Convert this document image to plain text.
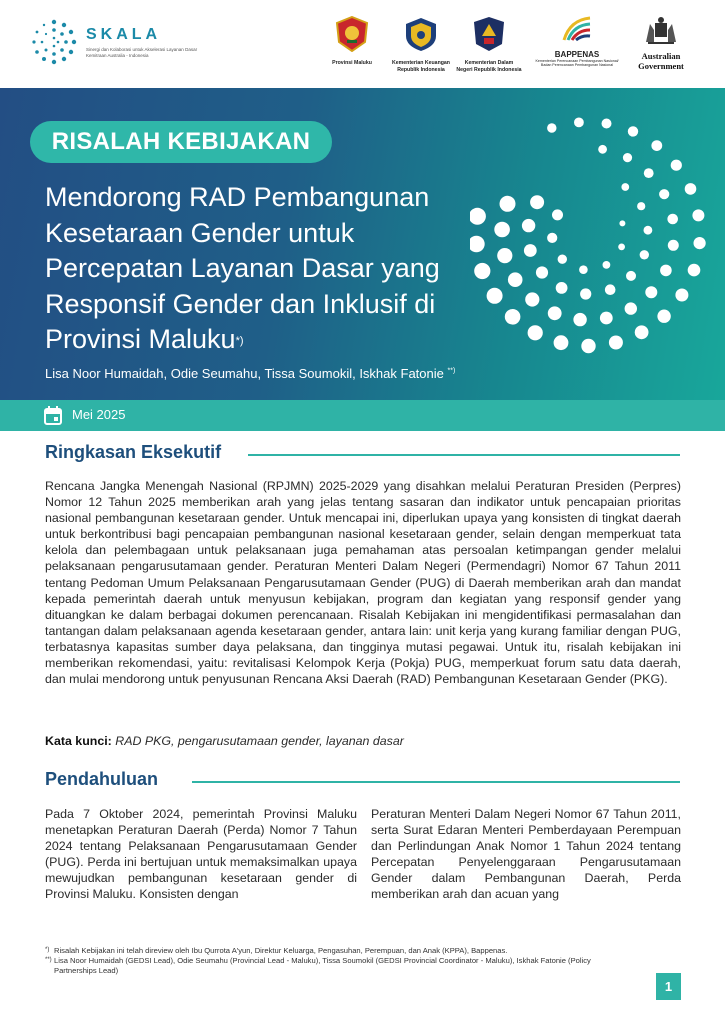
SKALA
Sinergi dan Kolaborasi untuk Akselerasi Layanan Dasar Kemitraan Australia - Indonesia
Provinsi Maluku	Kementerian Keuangan Republik Indonesia
Kementerian Dalam Negeri Republik Indonesia
BAPPENAS
Kementerian Perencanaan Pembangunan Nasional/ Badan Perencanaan Pembangunan Nasional
Australian Government
RISALAH KEBIJAKAN
Mendorong RAD Pembangunan Kesetaraan Gender untuk Percepatan Layanan Dasar yang Responsif Gender dan Inklusif di Provinsi Maluku*)
Lisa Noor Humaidah, Odie Seumahu, Tissa Soumokil, Iskhak Fatonie **)
Mei 2025
Ringkasan Eksekutif
Rencana Jangka Menengah Nasional (RPJMN) 2025-2029 yang disahkan melalui Peraturan Presiden (Perpres) Nomor 12 Tahun 2025 memberikan arah yang jelas tentang sasaran dan indikator untuk pencapaian prioritas nasional pembangunan kesetaraan gender. Untuk mencapai ini, diperlukan upaya yang konsisten di tingkat daerah untuk berkontribusi bagi pencapaian pembangunan nasional kesetaraan gender, selain dengan memperkuat tata kelola dan pelembagaan untuk pelaksanaan juga pemahaman atas persoalan ketimpangan gender melalui pelaksanaan pengarusutamaan gender. Peraturan Menteri Dalam Negeri (Permendagri) Nomor 67 Tahun 2011 tentang Pedoman Umum Pelaksanaan Pengarusutamaan Gender (PUG) di Daerah memberikan arah dan mandat kepada pemerintah daerah untuk menyusun kebijakan, program dan kegiatan yang responsif gender yang dituangkan ke dalam berbagai dokumen perencanaan. Risalah Kebijakan ini mengidentifikasi permasalahan dan tantangan dalam pelaksanaan agenda kesetaraan gender, antara lain: unit kerja yang kurang familiar dengan PUG, terbatasnya kapasitas sumber daya pelaksana, dan tingginya mutasi pegawai. Untuk itu, risalah kebijakan ini memberikan rekomendasi, yaitu: revitalisasi Kelompok Kerja (Pokja) PUG, memperkuat forum satu data daerah, dan mulai mendorong untuk penyusunan Rencana Aksi Daerah (RAD) Pembangunan Kesetaraan Gender (PKG).
Kata kunci: RAD PKG, pengarusutamaan gender, layanan dasar
Pendahuluan
Pada 7 Oktober 2024, pemerintah Provinsi Maluku menetapkan Peraturan Daerah (Perda) Nomor 7 Tahun 2024 tentang Pelaksanaan Pengarusutamaan Gender (PUG). Perda ini bertujuan untuk memaksimalkan upaya mewujudkan pembangunan kesetaraan gender di Provinsi Maluku. Konsisten dengan
Peraturan Menteri Dalam Negeri Nomor 67 Tahun 2011, serta Surat Edaran Menteri Pemberdayaan Perempuan dan Perlindungan Anak Nomor 1 Tahun 2024 tentang Percepatan Penyelenggaraan Pengarusutamaan Gender dalam Pembangunan Daerah, Perda memberikan arah dan acuan yang
*) Risalah Kebijakan ini telah direview oleh Ibu Qurrota A'yun, Direktur Keluarga, Pengasuhan, Perempuan, dan Anak (KPPA), Bappenas.
**) Lisa Noor Humaidah (GEDSI Lead), Odie Seumahu (Provincial Lead - Maluku), Tissa Soumokil (GEDSI Provincial Coordinator - Maluku), Iskhak Fatonie (Policy Partnerships Lead)
1
